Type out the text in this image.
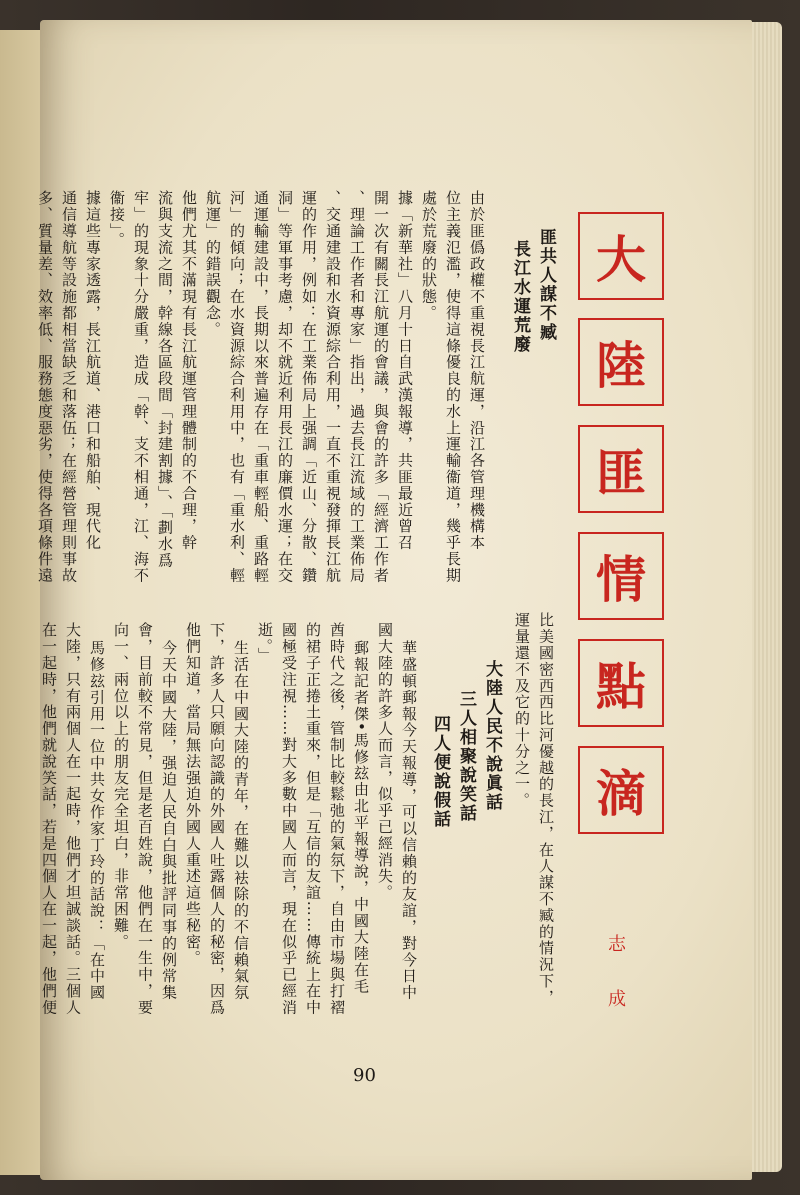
大
陸
匪
情
點
滴
志
成
匪共人謀不臧
長江水運荒廢
由於匪僞政權不重視長江航運，沿江各管理機構本
位主義氾濫，使得這條優良的水上運輸衞道，幾乎長期
處於荒廢的狀態。
據「新華社」八月十日自武漢報導，共匪最近曾召
開一次有關長江航運的會議，與會的許多「經濟工作者
、理論工作者和專家」指出，過去長江流域的工業佈局
、交通建設和水資源綜合利用，一直不重視發揮長江航
運的作用，例如：在工業佈局上强調「近山、分散、鑽
洞」等軍事考慮，却不就近利用長江的廉價水運；在交
通運輸建設中，長期以來普遍存在「重車輕船、重路輕
河」的傾向；在水資源綜合利用中，也有「重水利、輕
航運」的錯誤觀念。
他們尤其不滿現有長江航運管理體制的不合理，幹
流與支流之間，幹線各區段間「封建割據」、「劃水爲
牢」的現象十分嚴重，造成「幹、支不相通，江、海不
衞接」。
據這些專家透露，長江航道、港口和船舶、現代化
通信導航等設施都相當缺乏和落伍；在經營管理則事故
多、質量差、效率低、服務態度惡劣，使得各項條件遠
比美國密西西比河優越的長江，在人謀不臧的情況下，
運量還不及它的十分之一。
大陸人民不說眞話
三人相聚說笑話
四人便說假話
華盛頓郵報今天報導，可以信賴的友誼，對今日中
國大陸的許多人而言，似乎已經消失。
郵報記者傑•馬修玆由北平報導說，中國大陸在毛
酋時代之後，管制比較鬆弛的氣氛下，自由市場與打褶
的裙子正捲土重來，但是「互信的友誼……傳統上在中
國極受注視……對大多數中國人而言，現在似乎已經消
逝。」
生活在中國大陸的青年，在難以袪除的不信賴氣氛
下，許多人只願向認識的外國人吐露個人的秘密，因爲
他們知道，當局無法强迫外國人重述這些秘密。
今天中國大陸，强迫人民自白與批評同事的例常集
會，目前較不常見，但是老百姓說，他們在一生中，要
向一、兩位以上的朋友完全坦白，非常困難。
馬修玆引用一位中共女作家丁玲的話說：「在中國
大陸，只有兩個人在一起時，他們才坦誠談話。三個人
在一起時，他們就說笑話，若是四個人在一起，他們便
90
